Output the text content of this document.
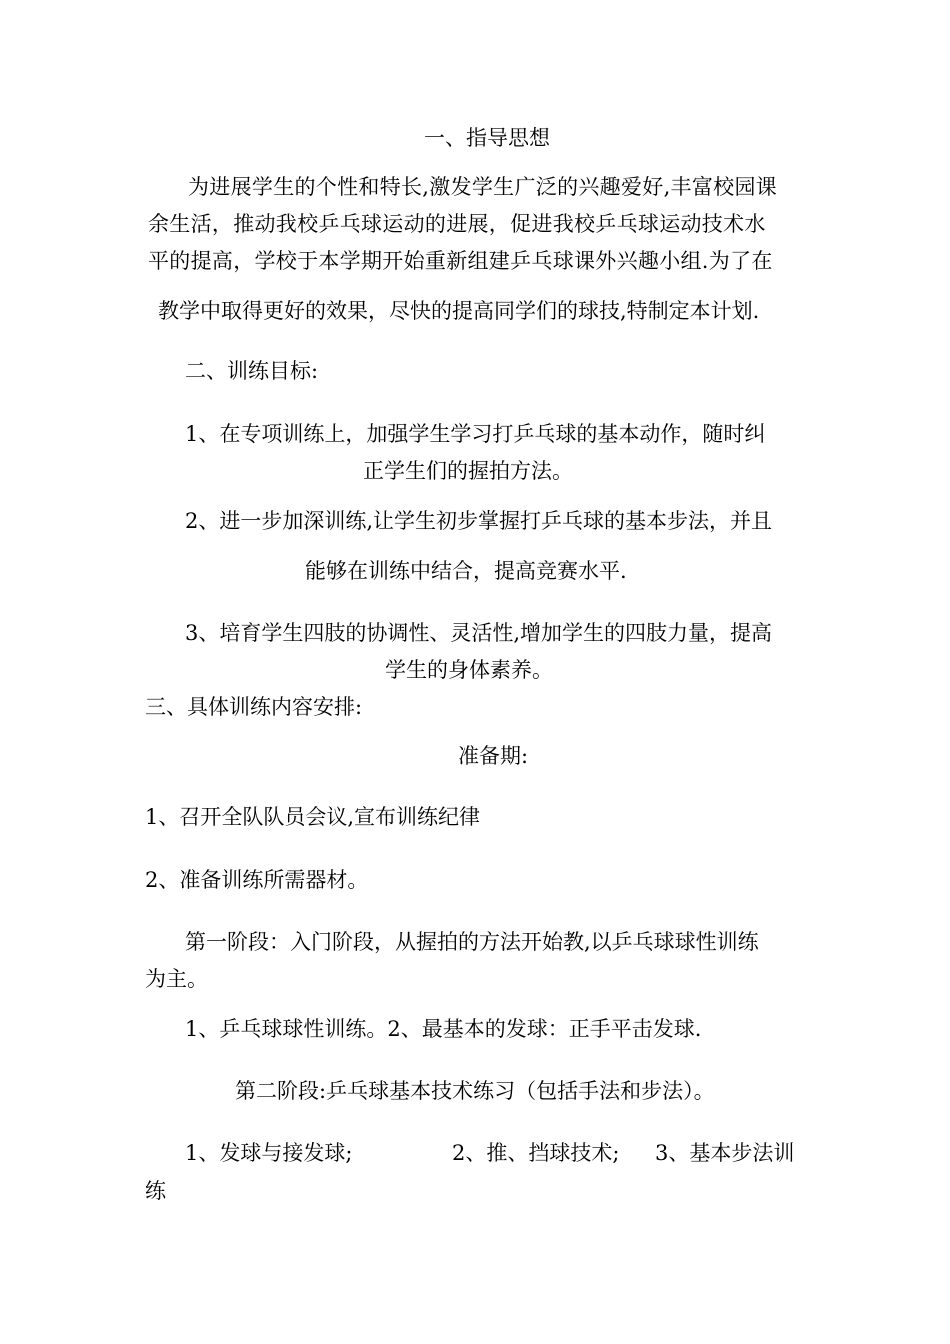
一、指导思想
为进展学生的个性和特长,激发学生广泛的兴趣爱好,丰富校园课
余生活，推动我校乒乓球运动的进展，促进我校乒乓球运动技术水
平的提高，学校于本学期开始重新组建乒乓球课外兴趣小组.为了在
教学中取得更好的效果，尽快的提高同学们的球技,特制定本计划.
二、训练目标:
1、在专项训练上，加强学生学习打乒乓球的基本动作，随时纠
正学生们的握拍方法。
2、进一步加深训练,让学生初步掌握打乒乓球的基本步法，并且
能够在训练中结合，提高竞赛水平.
3、培育学生四肢的协调性、灵活性,增加学生的四肢力量，提高
学生的身体素养。
三、具体训练内容安排:
准备期:
1、召开全队队员会议,宣布训练纪律
2、准备训练所需器材。
第一阶段：入门阶段，从握拍的方法开始教,以乒乓球球性训练
为主。
1、乒乓球球性训练。2、最基本的发球：正手平击发球.
第二阶段:乒乓球基本技术练习（包括手法和步法）。
1、发球与接发球;	2、推、挡球技术; 3、基本步法训
练
